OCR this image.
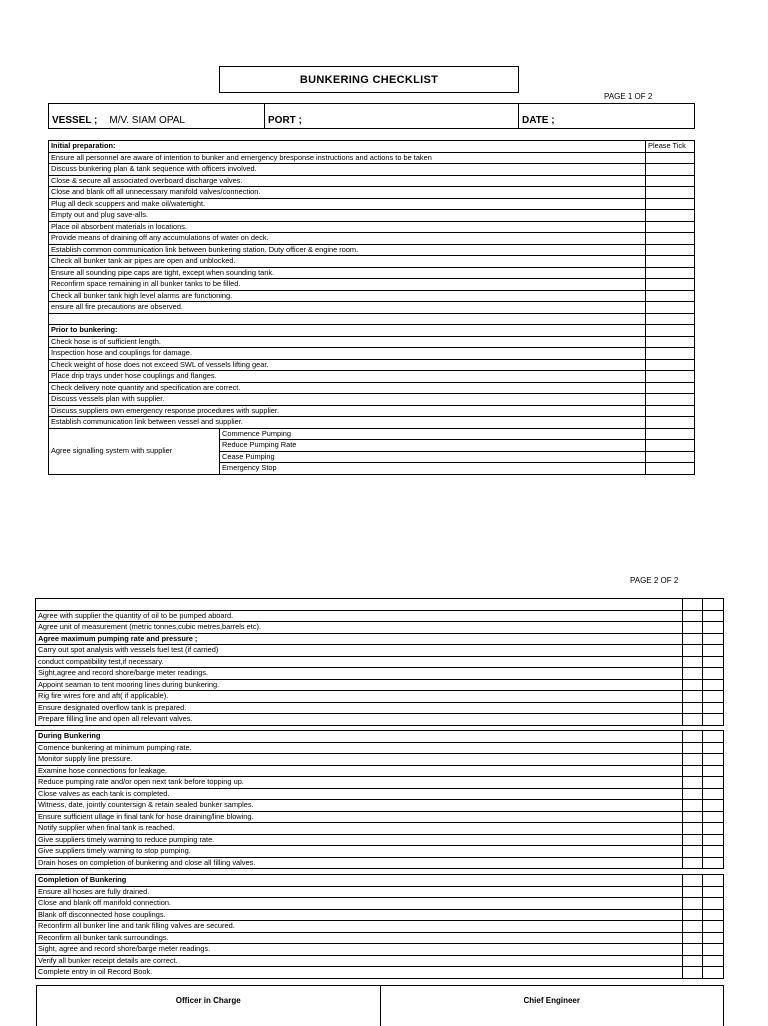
BUNKERING CHECKLIST
PAGE 1 OF 2
VESSEL ; M/V. SIAM OPAL	PORT ;	DATE ;
Initial preparation:		Please Tick
Ensure all personnel are aware of intention to bunker and emergency bresponse instructions and actions to be taken		
Discuss bunkering plan & tank sequence with officers involved.		
Close & secure all associated overboard discharge valves.		
Close and blank off all unnecessary manifold valves/connection.		
Plug all deck scuppers and make oil/watertight.		
Empty out and plug save-alls.		
Place oil absorbent materials in locations.		
Provide means of draining off any accumulations of water on deck.		
Establish common communication link between bunkering station. Duty officer & engine room.		
Check all bunker tank air pipes are open and unblocked.		
Ensure all sounding pipe caps are tight, except when sounding tank.		
Reconfirm space remaining in all bunker tanks to be filled.		
Check all bunker tank high level alarms are functioning.		
ensure all fire precautions are observed.		

Prior to bunkering:		
Check hose is of sufficient length.		
Inspection hose and couplings for damage.		
Check weight of hose does not exceed SWL of vessels lifting gear.		
Place drip trays under hose couplings and flanges.		
Check delivery note quantity and specification are correct.		
Discuss vessels plan with supplier.		
Discuss suppliers own emergency response procedures with supplier.		
Establish communication link between vessel and supplier.		
Agree signalling system with supplier	Commence Pumping	
	Reduce Pumping Rate	
	Cease Pumping	
	Emergency Stop	
PAGE 2 OF 2

Agree with supplier the quantity of oil to be pumped aboard.		
Agree unit of measurement (metric tonnes,cubic metres,barrels etc).		
Agree maximum pumping rate and pressure ;		
Carry out spot analysis with vessels fuel test (if carried)		
conduct compatibility test,if necessary.		
Sight,agree and record shore/barge meter readings.		
Appoint seaman to tent mooring lines during bunkering.		
Rig fire wires fore and aft( if applicable).		
Ensure designated overflow tank is prepared.		
Prepare filling line and open all relevant valves.		
During Bunkering		
Comence bunkering at minimum pumping rate.		
Monitor supply line pressure.		
Examine hose connections for leakage.		
Reduce pumping rate and/or open next tank before topping up.		
Close valves as each tank is completed.		
Witness, date, jointly countersign & retain sealed bunker samples.		
Ensure sufficient ullage in final tank for hose draining/line blowing.		
Notify supplier when final tank is reached.		
Give suppliers timely warning to reduce pumping rate.		
Give suppliers timely warning to stop pumping.		
Drain hoses on completion of bunkering and close all filling valves.		
Completion of Bunkering		
Ensure all hoses are fully drained.		
Close and blank off manifold connection.		
Blank off disconnected hose couplings.		
Reconfirm all bunker line and tank filling valves are secured.		
Reconfirm all bunker tank surroundings.		
Sight, agree and record shore/barge meter readings.		
Verify all bunker receipt details are correct.		
Complete entry in oil Record Book.		
Officer in Charge	Chief Engineer
